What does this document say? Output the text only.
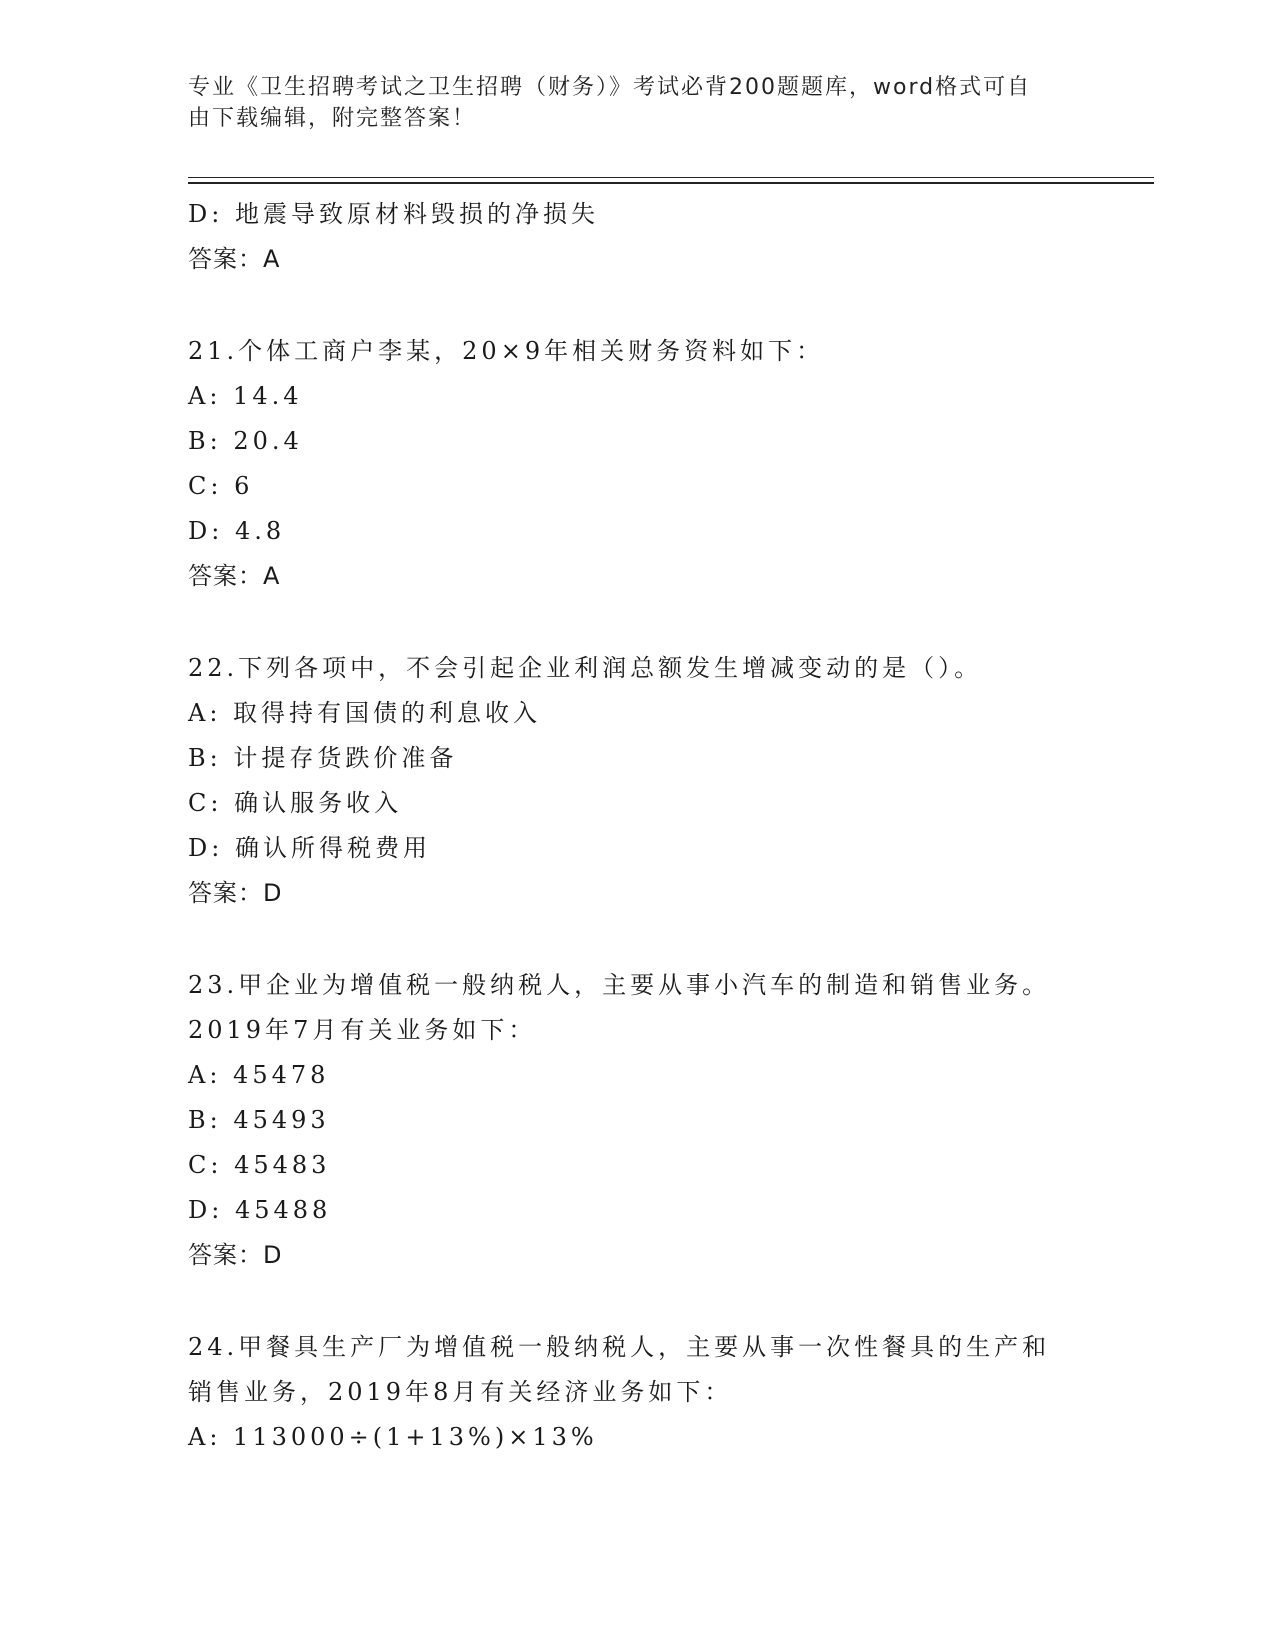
专业《卫生招聘考试之卫生招聘（财务）》考试必背200题题库，word格式可自
由下载编辑，附完整答案！
D: 地震导致原材料毁损的净损失
答案：A
21.个体工商户李某，20×9年相关财务资料如下：
A: 14.4
B: 20.4
C: 6
D: 4.8
答案：A
22.下列各项中，不会引起企业利润总额发生增减变动的是（）。
A: 取得持有国债的利息收入
B: 计提存货跌价准备
C: 确认服务收入
D: 确认所得税费用
答案：D
23.甲企业为增值税一般纳税人，主要从事小汽车的制造和销售业务。
2019年7月有关业务如下：
A: 45478
B: 45493
C: 45483
D: 45488
答案：D
24.甲餐具生产厂为增值税一般纳税人，主要从事一次性餐具的生产和
销售业务，2019年8月有关经济业务如下：
A: 113000÷(1+13%)×13%
